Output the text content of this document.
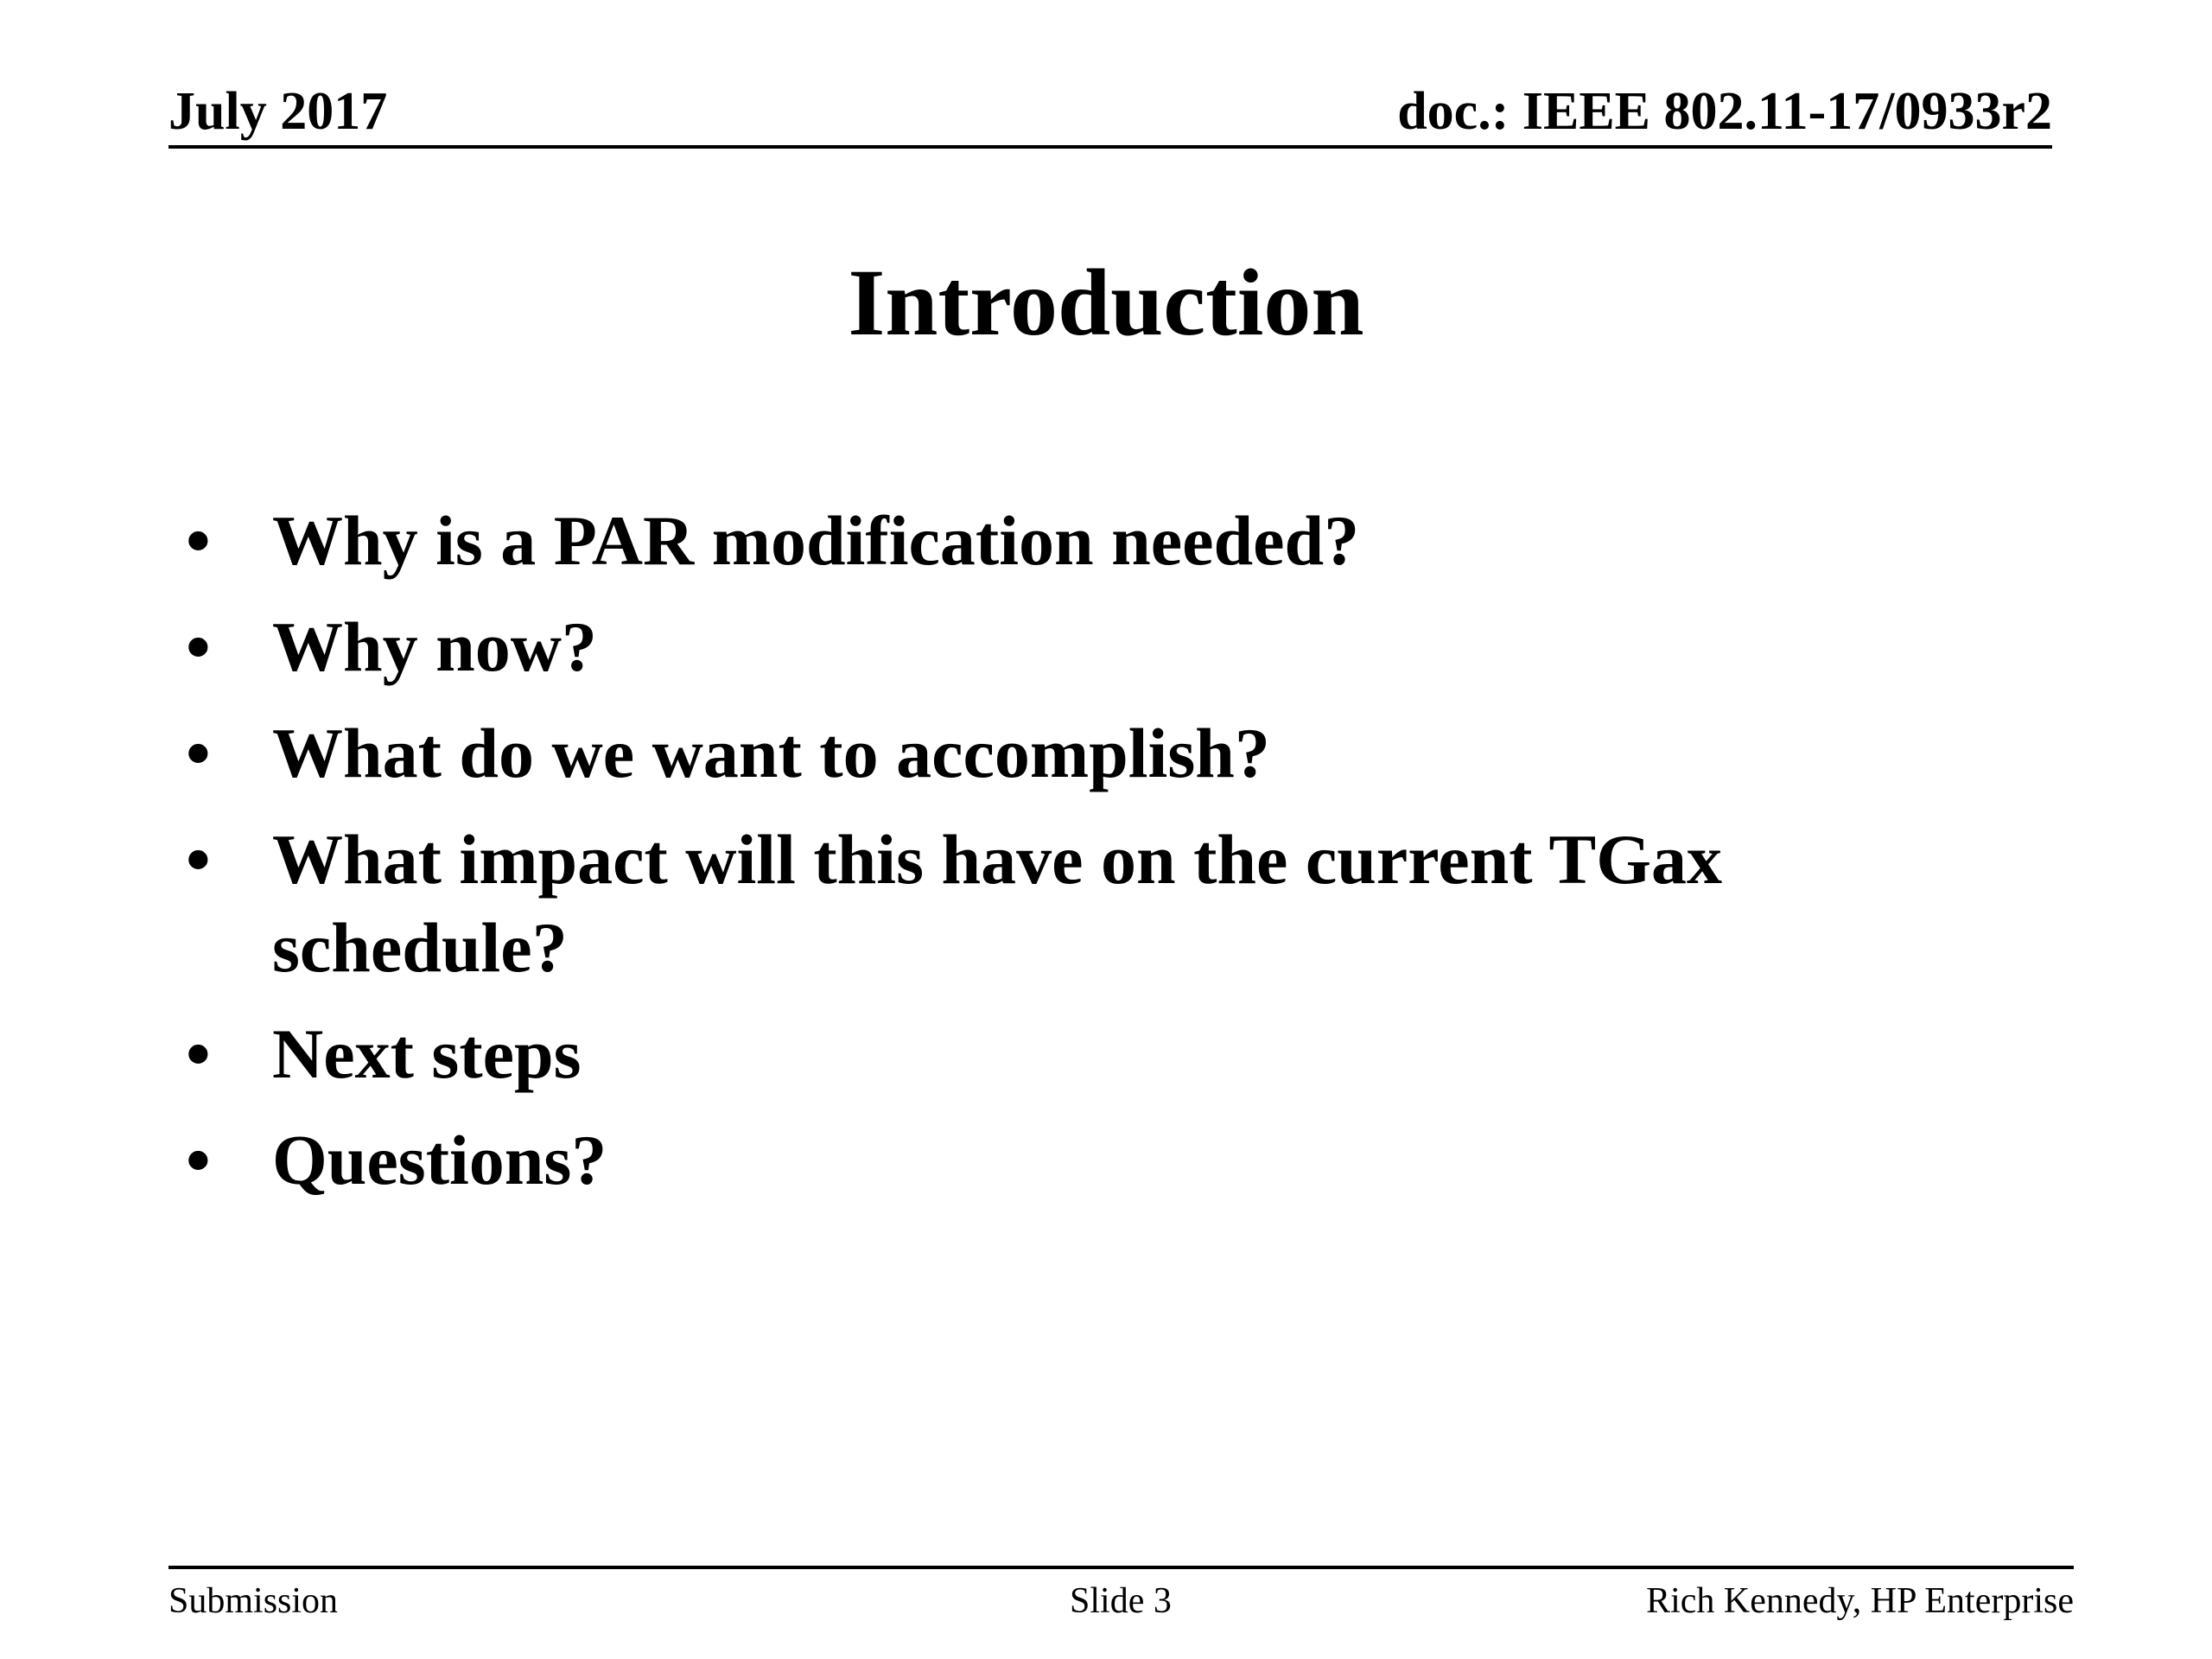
July 2017	doc.: IEEE 802.11-17/0933r2
Introduction
• Why is a PAR modification needed?
• Why now?
• What do we want to accomplish?
• What impact will this have on the current TGax schedule?
• Next steps
• Questions?
Submission	Slide 3	Rich Kennedy, HP Enterprise
